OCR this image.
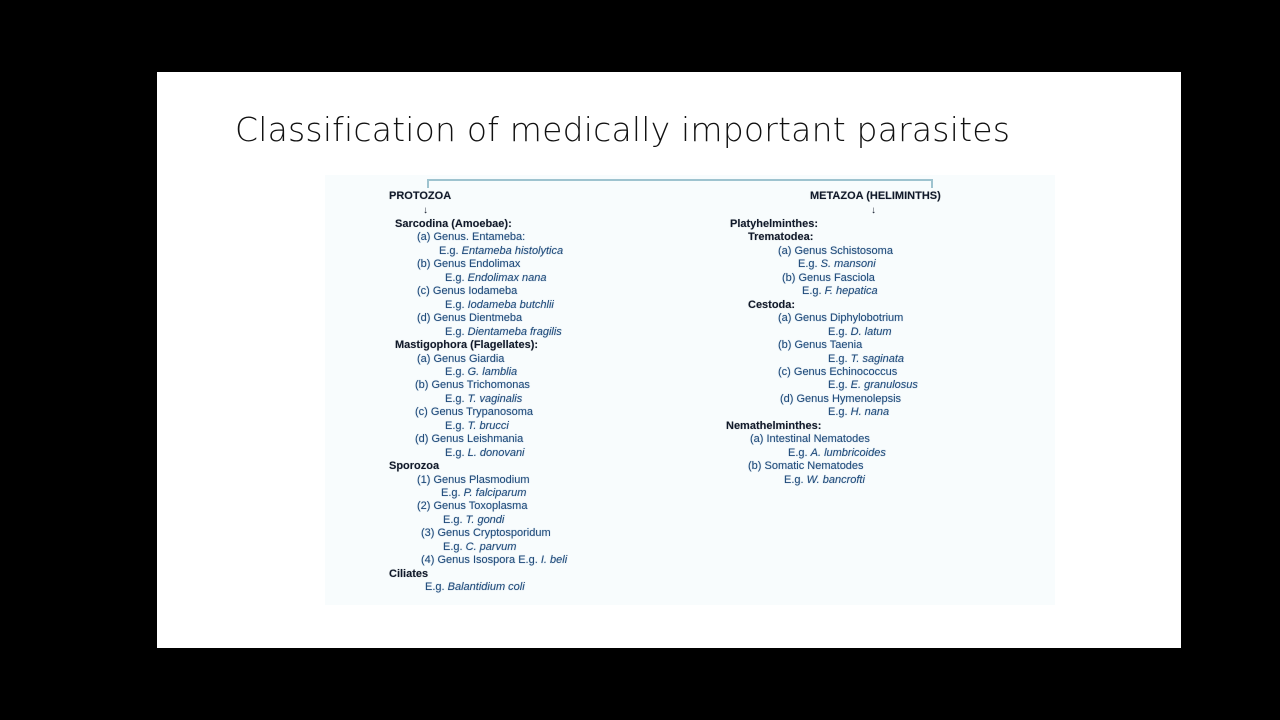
Classification of medically important parasites
PROTOZOA
↓
METAZOA (HELIMINTHS)
↓
Sarcodina (Amoebae):
(a) Genus. Entameba:
E.g. Entameba histolytica
(b) Genus Endolimax
E.g. Endolimax nana
(c) Genus Iodameba
E.g. Iodameba butchlii
(d) Genus Dientmeba
E.g. Dientameba fragilis
Mastigophora (Flagellates):
(a) Genus Giardia
E.g. G. lamblia
(b) Genus Trichomonas
E.g. T. vaginalis
(c) Genus Trypanosoma
E.g. T. brucci
(d) Genus Leishmania
E.g. L. donovani
Sporozoa
(1) Genus Plasmodium
E.g. P. falciparum
(2) Genus Toxoplasma
E.g. T. gondi
(3) Genus Cryptosporidum
E.g. C. parvum
(4) Genus Isospora E.g. I. beli
Ciliates
E.g. Balantidium coli
Platyhelminthes:
Trematodea:
(a) Genus Schistosoma
E.g. S. mansoni
(b) Genus Fasciola
E.g. F. hepatica
Cestoda:
(a) Genus Diphylobotrium
E.g. D. latum
(b) Genus Taenia
E.g. T. saginata
(c) Genus Echinococcus
E.g. E. granulosus
(d) Genus Hymenolepsis
E.g. H. nana
Nemathelminthes:
(a) Intestinal Nematodes
E.g. A. lumbricoides
(b) Somatic Nematodes
E.g. W. bancrofti
